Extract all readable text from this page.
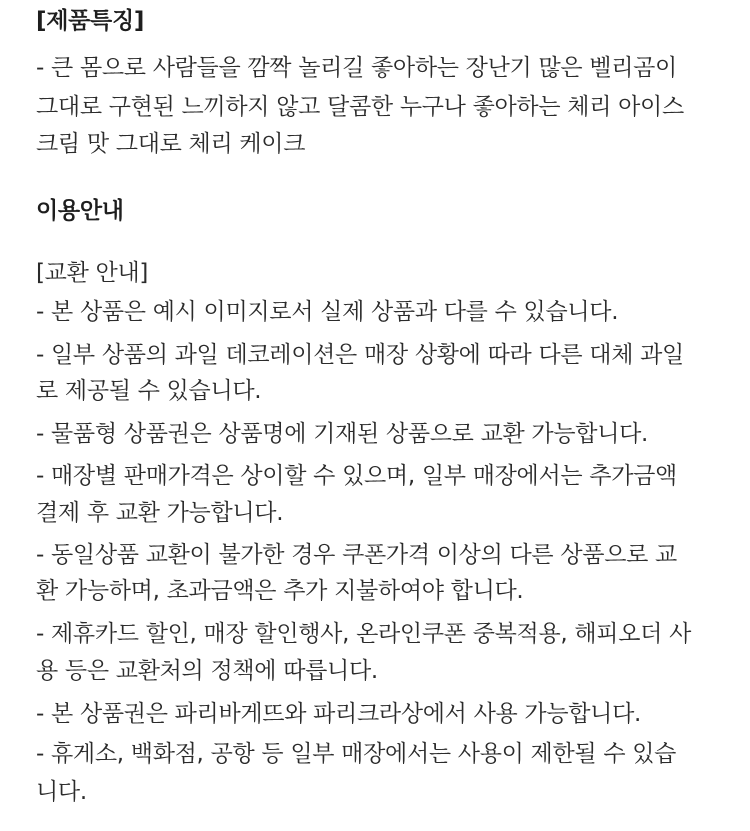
[제품특징]
- 큰 몸으로 사람들을 깜짝 놀리길 좋아하는 장난기 많은 벨리곰이
그대로 구현된 느끼하지 않고 달콤한 누구나 좋아하는 체리 아이스
크림 맛 그대로 체리 케이크
이용안내
[교환 안내]
- 본 상품은 예시 이미지로서 실제 상품과 다를 수 있습니다.
- 일부 상품의 과일 데코레이션은 매장 상황에 따라 다른 대체 과일
로 제공될 수 있습니다.
- 물품형 상품권은 상품명에 기재된 상품으로 교환 가능합니다.
- 매장별 판매가격은 상이할 수 있으며, 일부 매장에서는 추가금액
결제 후 교환 가능합니다.
- 동일상품 교환이 불가한 경우 쿠폰가격 이상의 다른 상품으로 교
환 가능하며, 초과금액은 추가 지불하여야 합니다.
- 제휴카드 할인, 매장 할인행사, 온라인쿠폰 중복적용, 해피오더 사
용 등은 교환처의 정책에 따릅니다.
- 본 상품권은 파리바게뜨와 파리크라상에서 사용 가능합니다.
- 휴게소, 백화점, 공항 등 일부 매장에서는 사용이 제한될 수 있습
니다.
